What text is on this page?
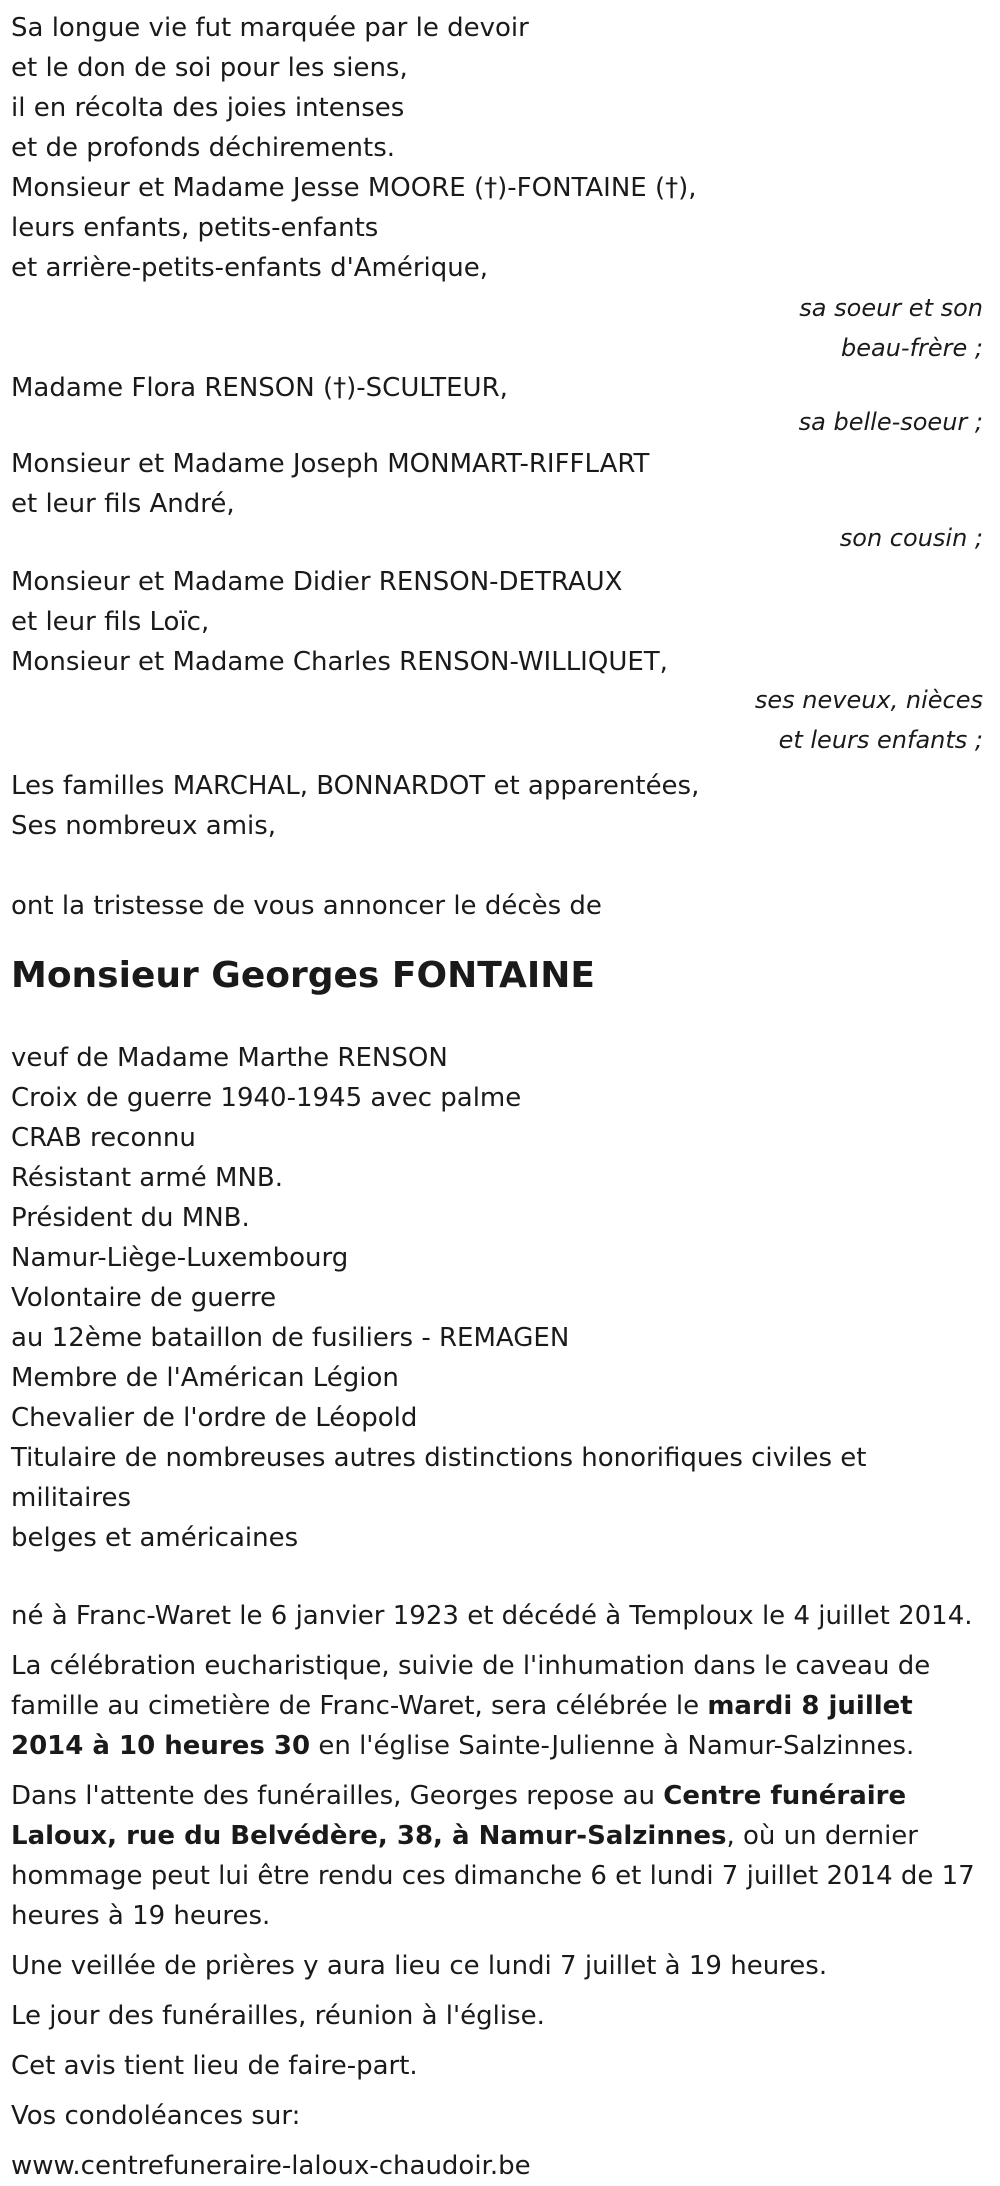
Sa longue vie fut marquée par le devoir

et le don de soi pour les siens,

il en récolta des joies intenses

et de profonds déchirements.

Monsieur et Madame Jesse MOORE (†)-FONTAINE (†),

leurs enfants, petits-enfants

et arrière-petits-enfants d'Amérique,

sa soeur et son

beau-frère ;

Madame Flora RENSON (†)-SCULTEUR,

sa belle-soeur ;

Monsieur et Madame Joseph MONMART-RIFFLART

et leur fils André,

son cousin ;

Monsieur et Madame Didier RENSON-DETRAUX

et leur fils Loïc,

Monsieur et Madame Charles RENSON-WILLIQUET,

ses neveux, nièces

et leurs enfants ;

Les familles MARCHAL, BONNARDOT et apparentées,

Ses nombreux amis,

ont la tristesse de vous annoncer le décès de

Monsieur Georges FONTAINE

veuf de Madame Marthe RENSON

Croix de guerre 1940-1945 avec palme

CRAB reconnu

Résistant armé MNB.

Président du MNB.

Namur-Liège-Luxembourg

Volontaire de guerre

au 12ème bataillon de fusiliers - REMAGEN

Membre de l'Américan Légion

Chevalier de l'ordre de Léopold

Titulaire de nombreuses autres distinctions honorifiques civiles et

militaires

belges et américaines

né à Franc-Waret le 6 janvier 1923 et décédé à Temploux le 4 juillet 2014.

La célébration eucharistique, suivie de l'inhumation dans le caveau de famille au cimetière de Franc-Waret, sera célébrée le mardi 8 juillet 2014 à 10 heures 30 en l'église Sainte-Julienne à Namur-Salzinnes.

Dans l'attente des funérailles, Georges repose au Centre funéraire Laloux, rue du Belvédère, 38, à Namur-Salzinnes, où un dernier hommage peut lui être rendu ces dimanche 6 et lundi 7 juillet 2014 de 17 heures à 19 heures.

Une veillée de prières y aura lieu ce lundi 7 juillet à 19 heures.

Le jour des funérailles, réunion à l'église.

Cet avis tient lieu de faire-part.

Vos condoléances sur:

www.centrefuneraire-laloux-chaudoir.be
